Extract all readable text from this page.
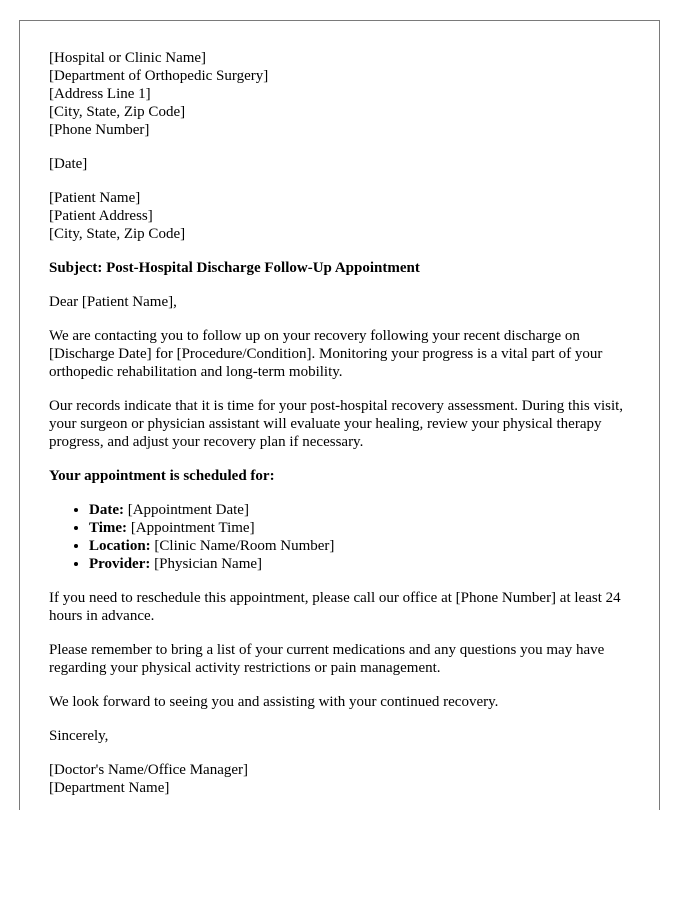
[Hospital or Clinic Name]
[Department of Orthopedic Surgery]
[Address Line 1]
[City, State, Zip Code]
[Phone Number]
[Date]
[Patient Name]
[Patient Address]
[City, State, Zip Code]

Subject: Post-Hospital Discharge Follow-Up Appointment

Dear [Patient Name],

We are contacting you to follow up on your recovery following your recent discharge on [Discharge Date] for [Procedure/Condition]. Monitoring your progress is a vital part of your orthopedic rehabilitation and long-term mobility.

Our records indicate that it is time for your post-hospital recovery assessment. During this visit, your surgeon or physician assistant will evaluate your healing, review your physical therapy progress, and adjust your recovery plan if necessary.

Your appointment is scheduled for:

• Date: [Appointment Date]
• Time: [Appointment Time]
• Location: [Clinic Name/Room Number]
• Provider: [Physician Name]

If you need to reschedule this appointment, please call our office at [Phone Number] at least 24 hours in advance.

Please remember to bring a list of your current medications and any questions you may have regarding your physical activity restrictions or pain management.

We look forward to seeing you and assisting with your continued recovery.

Sincerely,

[Doctor's Name/Office Manager]
[Department Name]
